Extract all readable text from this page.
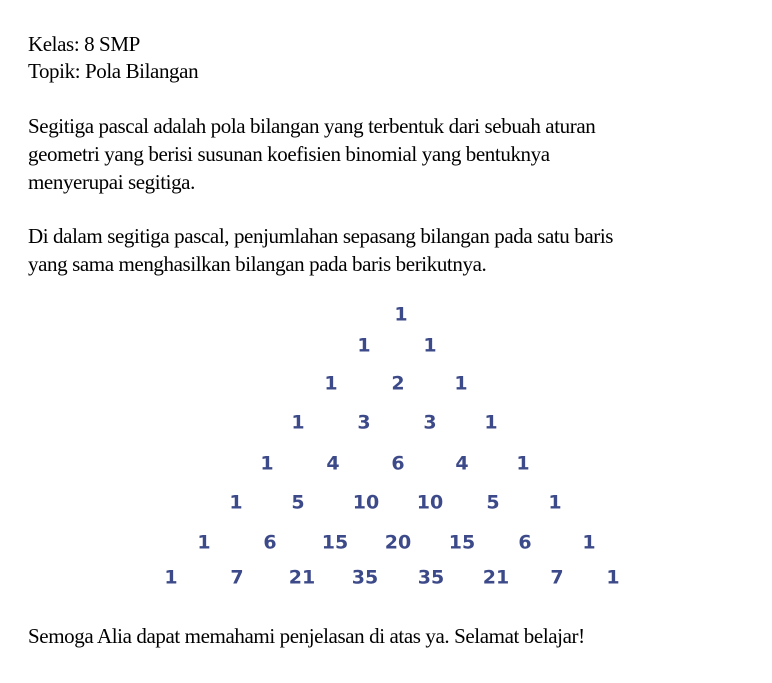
Kelas: 8 SMP
Topik: Pola Bilangan
Segitiga pascal adalah pola bilangan yang terbentuk dari sebuah aturan
geometri yang berisi susunan koefisien binomial yang bentuknya
menyerupai segitiga.
Di dalam segitiga pascal, penjumlahan sepasang bilangan pada satu baris
yang sama menghasilkan bilangan pada baris berikutnya.
1
1	1
1	2	1
1	3	3	1
1	4	6	4	1
1	5	10 10 5	1
1	6 15 20 15 6	1
1	7 21 35 35 21 7 1
Semoga Alia dapat memahami penjelasan di atas ya. Selamat belajar!
